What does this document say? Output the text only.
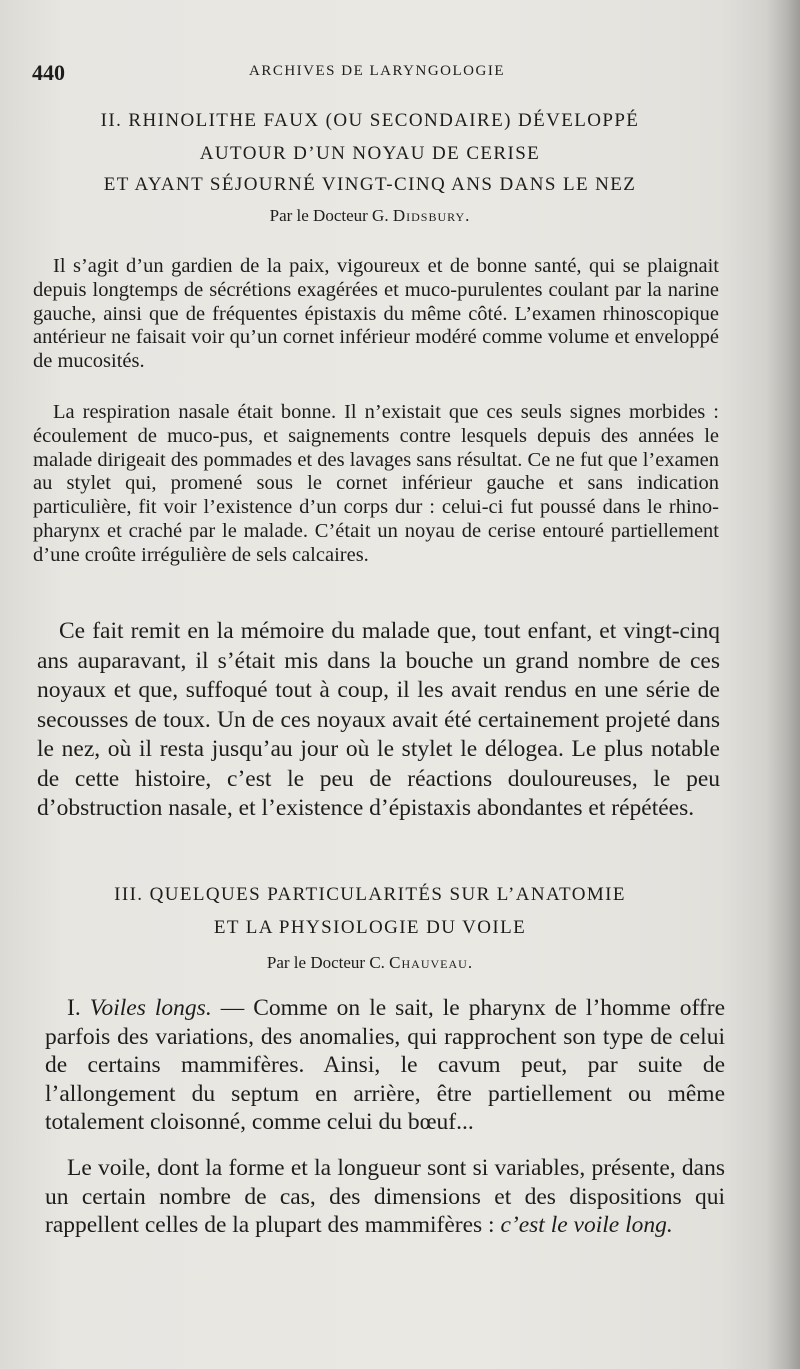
440	ARCHIVES DE LARYNGOLOGIE
II. RHINOLITHE FAUX (OU SECONDAIRE) DÉVELOPPÉ
AUTOUR D’UN NOYAU DE CERISE
ET AYANT SÉJOURNÉ VINGT-CINQ ANS DANS LE NEZ
Par le Docteur G. Didsbury.

Il s’agit d’un gardien de la paix, vigoureux et de bonne santé, qui se plaignait depuis longtemps de sécrétions exagérées et muco-purulentes coulant par la narine gauche, ainsi que de fréquentes épistaxis du même côté. L’examen rhinoscopique antérieur ne faisait voir qu’un cornet inférieur modéré comme volume et enveloppé de mucosités.

La respiration nasale était bonne. Il n’existait que ces seuls signes morbides : écoulement de muco-pus, et saignements contre lesquels depuis des années le malade dirigeait des pommades et des lavages sans résultat. Ce ne fut que l’examen au stylet qui, promené sous le cornet inférieur gauche et sans indication particulière, fit voir l’existence d’un corps dur : celui-ci fut poussé dans le rhino-pharynx et craché par le malade. C’était un noyau de cerise entouré partiellement d’une croûte irrégulière de sels calcaires.

Ce fait remit en la mémoire du malade que, tout enfant, et vingt-cinq ans auparavant, il s’était mis dans la bouche un grand nombre de ces noyaux et que, suffoqué tout à coup, il les avait rendus en une série de secousses de toux. Un de ces noyaux avait été certainement projeté dans le nez, où il resta jusqu’au jour où le stylet le délogea. Le plus notable de cette histoire, c’est le peu de réactions douloureuses, le peu d’obstruction nasale, et l’existence d’épistaxis abondantes et répétées.

III. QUELQUES PARTICULARITÉS SUR L’ANATOMIE
ET LA PHYSIOLOGIE DU VOILE
Par le Docteur C. Chauveau.

I. Voiles longs. — Comme on le sait, le pharynx de l’homme offre parfois des variations, des anomalies, qui rapprochent son type de celui de certains mammifères. Ainsi, le cavum peut, par suite de l’allongement du septum en arrière, être partiellement ou même totalement cloisonné, comme celui du bœuf...

Le voile, dont la forme et la longueur sont si variables, présente, dans un certain nombre de cas, des dimensions et des dispositions qui rappellent celles de la plupart des mammifères : c’est le voile long.
